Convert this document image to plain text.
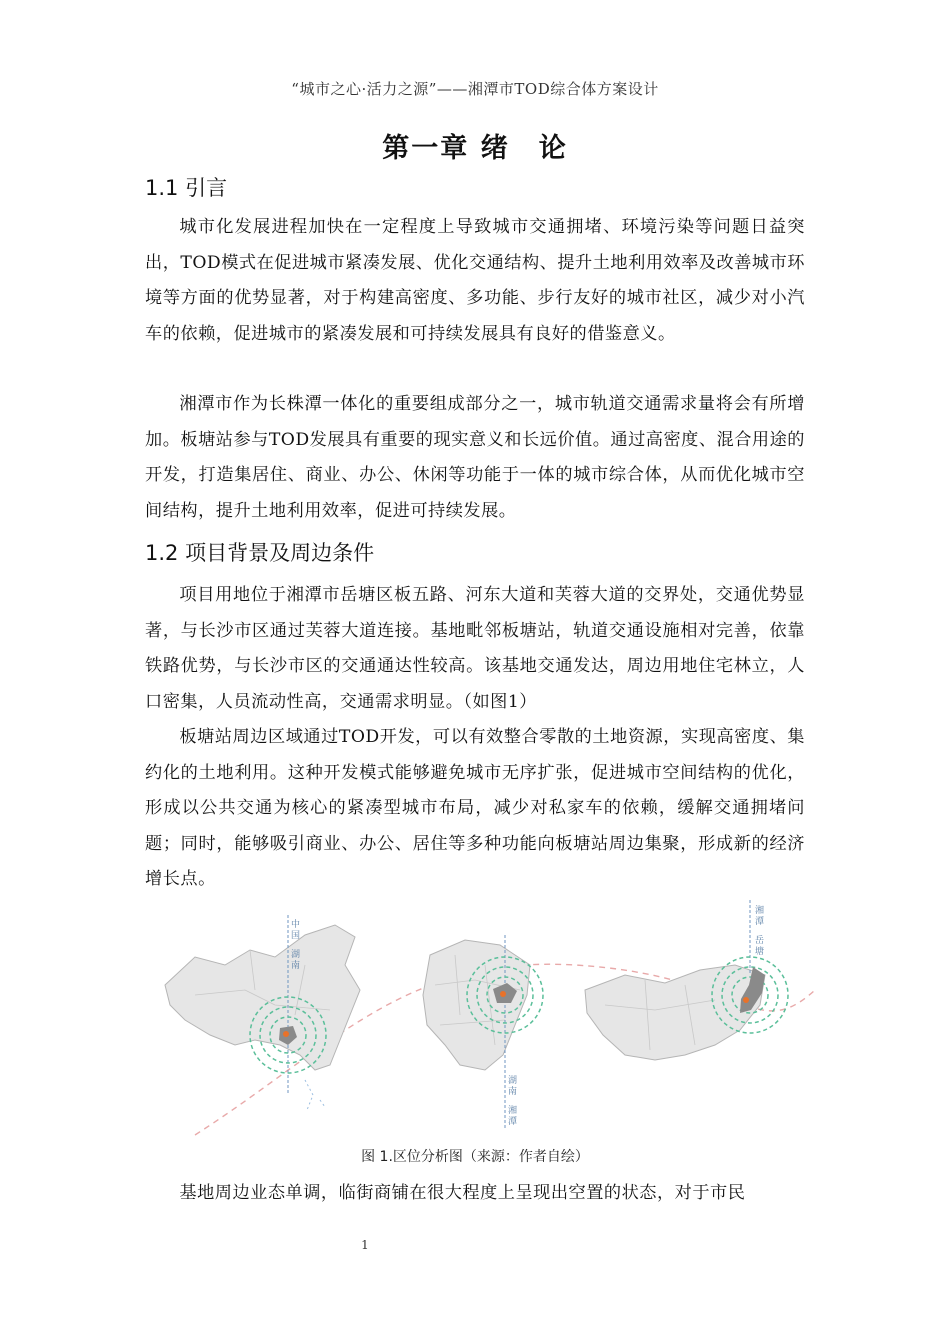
“城市之心·活力之源”——湘潭市TOD综合体方案设计
第一章 绪　论
1.1 引言
城市化发展进程加快在一定程度上导致城市交通拥堵、环境污染等问题日益突出，TOD模式在促进城市紧凑发展、优化交通结构、提升土地利用效率及改善城市环境等方面的优势显著，对于构建高密度、多功能、步行友好的城市社区，减少对小汽车的依赖，促进城市的紧凑发展和可持续发展具有良好的借鉴意义。
湘潭市作为长株潭一体化的重要组成部分之一，城市轨道交通需求量将会有所增加。板塘站参与TOD发展具有重要的现实意义和长远价值。通过高密度、混合用途的开发，打造集居住、商业、办公、休闲等功能于一体的城市综合体，从而优化城市空间结构，提升土地利用效率，促进可持续发展。
1.2 项目背景及周边条件
项目用地位于湘潭市岳塘区板五路、河东大道和芙蓉大道的交界处，交通优势显著，与长沙市区通过芙蓉大道连接。基地毗邻板塘站，轨道交通设施相对完善，依靠铁路优势，与长沙市区的交通通达性较高。该基地交通发达，周边用地住宅林立，人口密集，人员流动性高，交通需求明显。（如图1）
板塘站周边区域通过TOD开发，可以有效整合零散的土地资源，实现高密度、集约化的土地利用。这种开发模式能够避免城市无序扩张，促进城市空间结构的优化，形成以公共交通为核心的紧凑型城市布局，减少对私家车的依赖，缓解交通拥堵问题；同时，能够吸引商业、办公、居住等多种功能向板塘站周边集聚，形成新的经济增长点。
中国
湖南
湖南
湘潭
湘潭
岳塘
图 1.区位分析图（来源：作者自绘）
基地周边业态单调，临街商铺在很大程度上呈现出空置的状态，对于市民
1
